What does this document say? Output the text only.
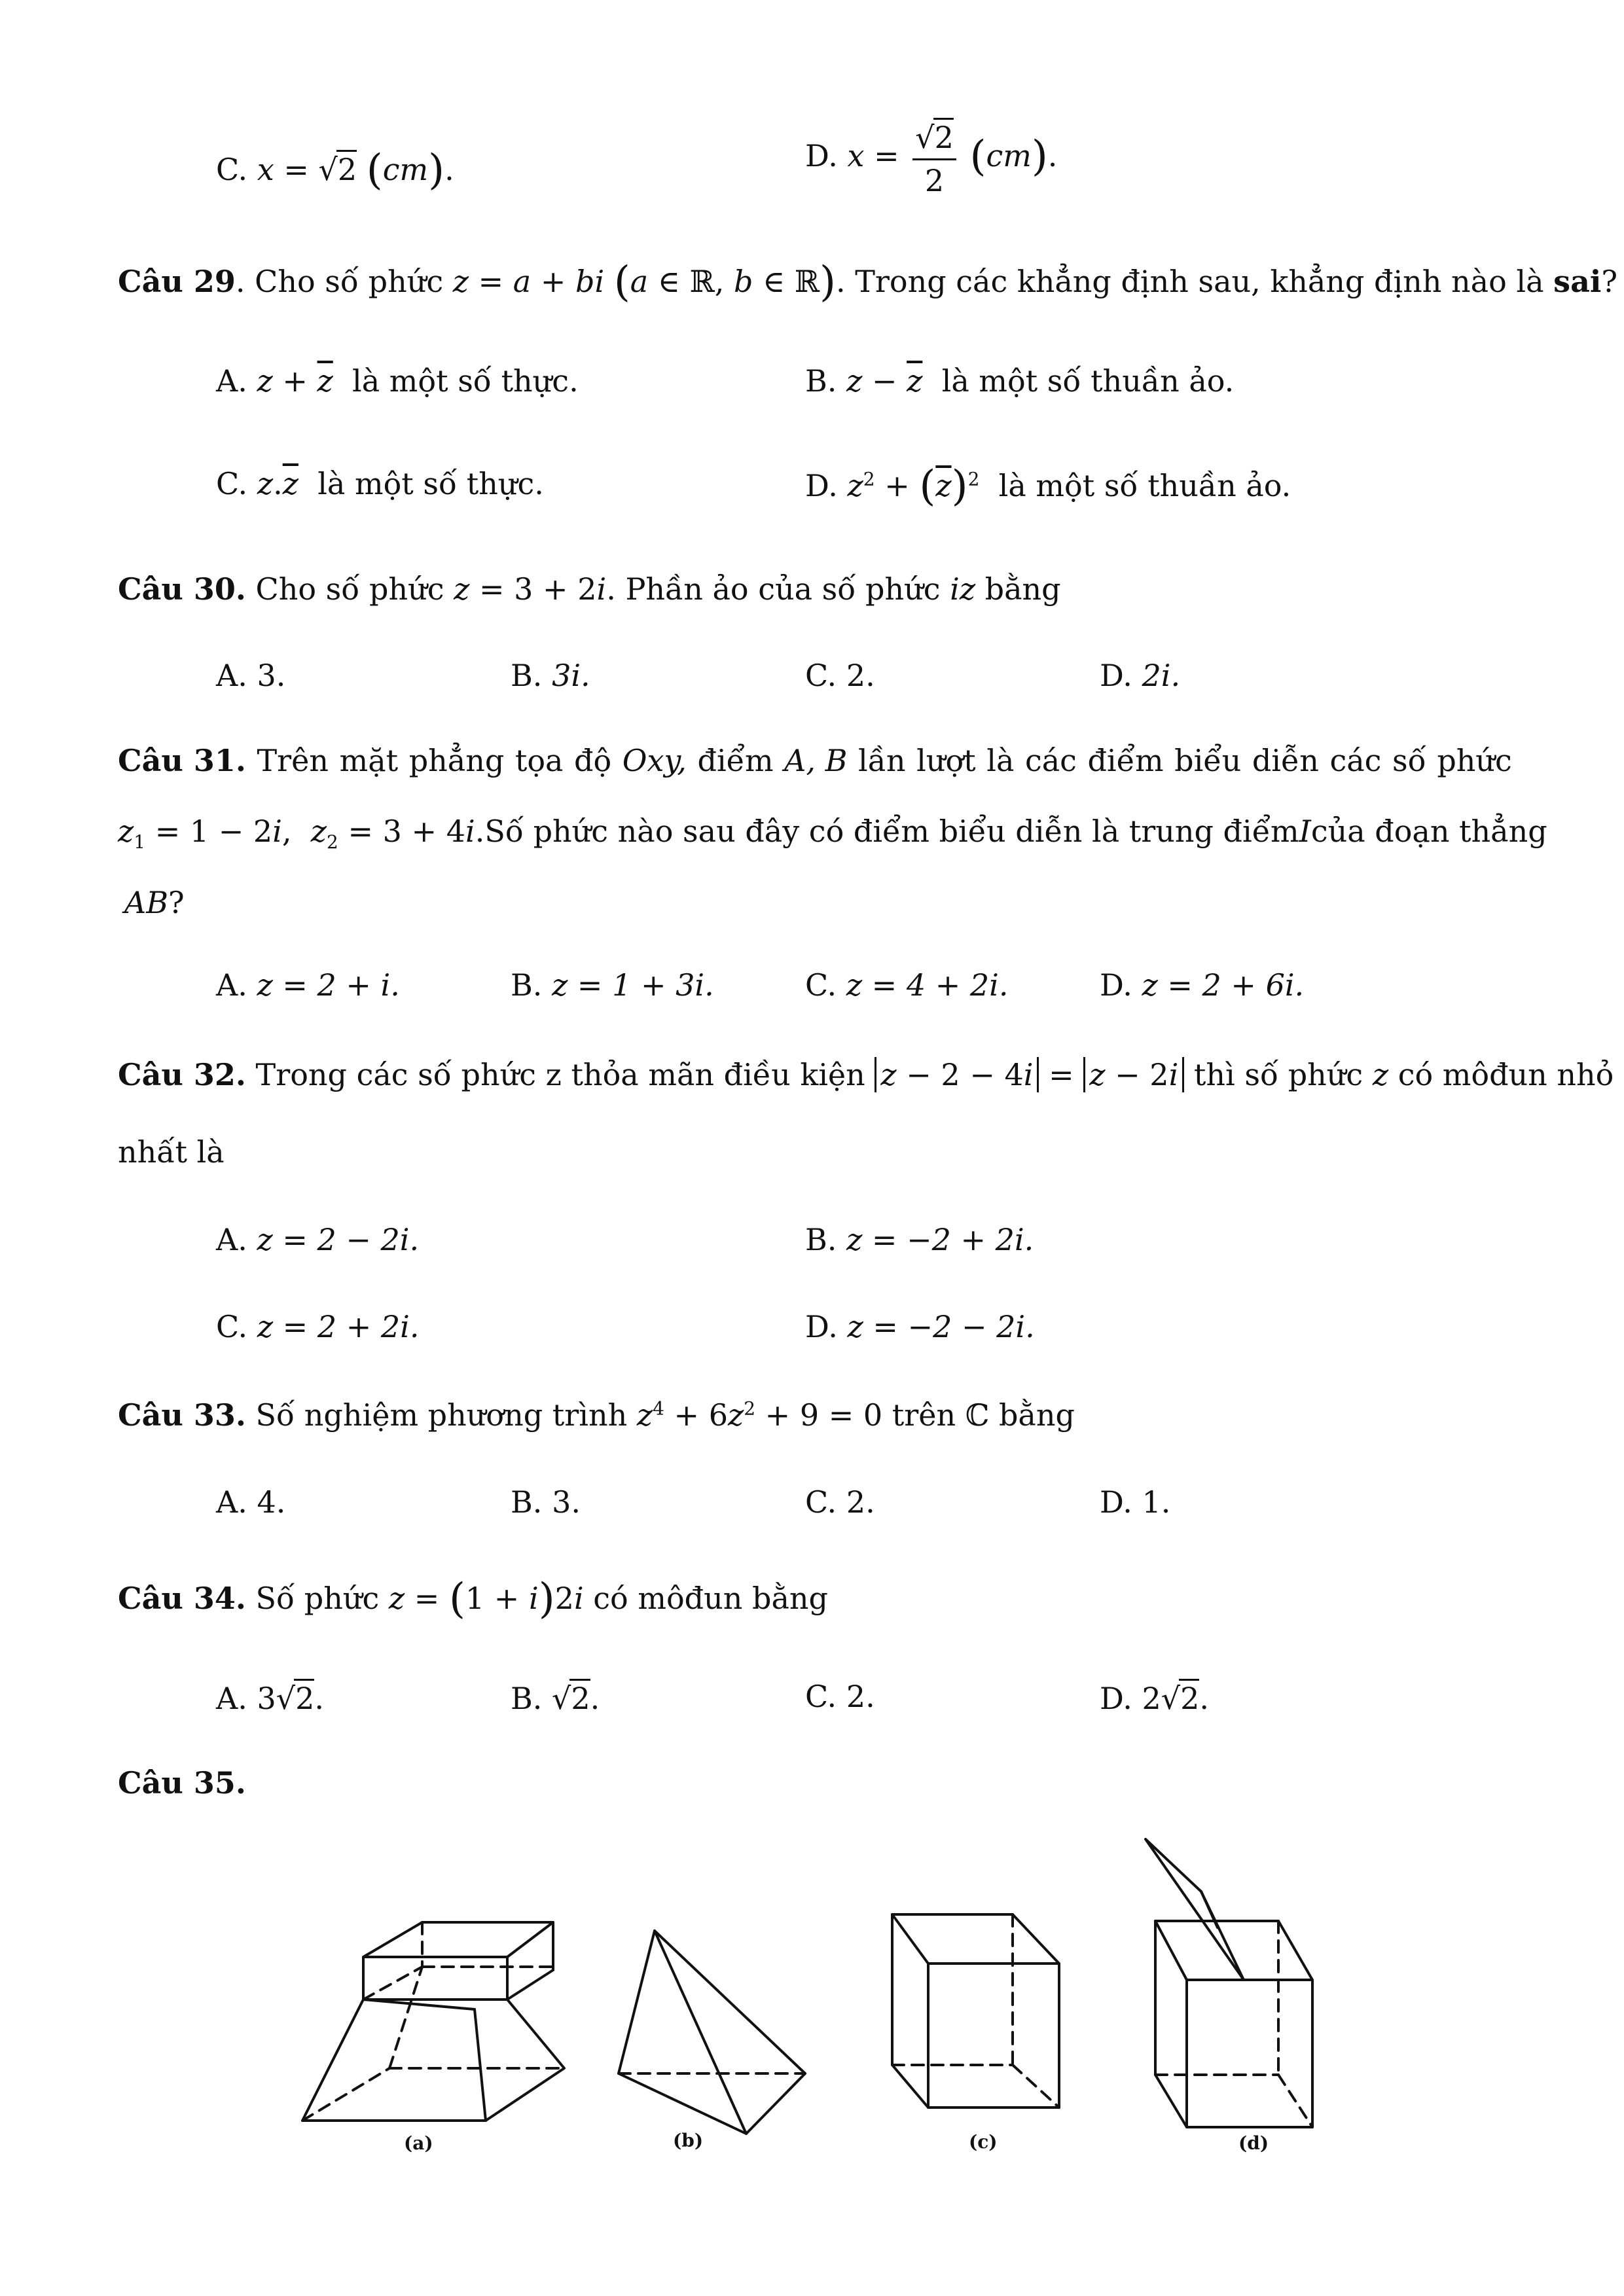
C. x = √2 (cm).	D. $x = \frac{√2}{2} (cm)$.
Câu 29. Cho số phức z = a + bi (a ∈ ℝ, b ∈ ℝ). Trong các khẳng định sau, khẳng định nào là sai?
A. $z + \overline{z}$ là một số thực.	B. $z - \overline{z}$ là một số thuần ảo.
C. $z.\overline{z}$ là một số thực.	D. $z^2 + (\overline{z})^2$ là một số thuần ảo.
Câu 30. Cho số phức z = 3 + 2i. Phần ảo của số phức iz bằng
A. 3.	B. 3i.	C. 2.	D. 2i.
Câu 31. Trên mặt phẳng tọa độ Oxy, điểm A, B lần lượt là các điểm biểu diễn các số phức
$z_1 = 1 - 2i$,  $z_2 = 3 + 4i$. Số phức nào sau đây có điểm biểu diễn là trung điểm I của đoạn thẳng
AB?
A. z = 2 + i.	B. z = 1 + 3i.	C. z = 4 + 2i.	D. z = 2 + 6i.
Câu 32. Trong các số phức z thỏa mãn điều kiện z − 2 − 4i = z − 2i thì số phức z có môđun nhỏ
nhất là
A. z = 2 − 2i.	B. z = −2 + 2i.
C. z = 2 + 2i.	D. z = −2 − 2i.
Câu 33. Số nghiệm phương trình $z^4 + 6z^2 + 9 = 0$ trên ℂ bằng
A. 4.	B. 3.	C. 2.	D. 1.
Câu 34. Số phức z = (1 + i)2i có môđun bằng
A. 3√2.	B. √2.	C. 2.	D. 2√2.
Câu 35.
(a)	(b)	(c)	(d)
